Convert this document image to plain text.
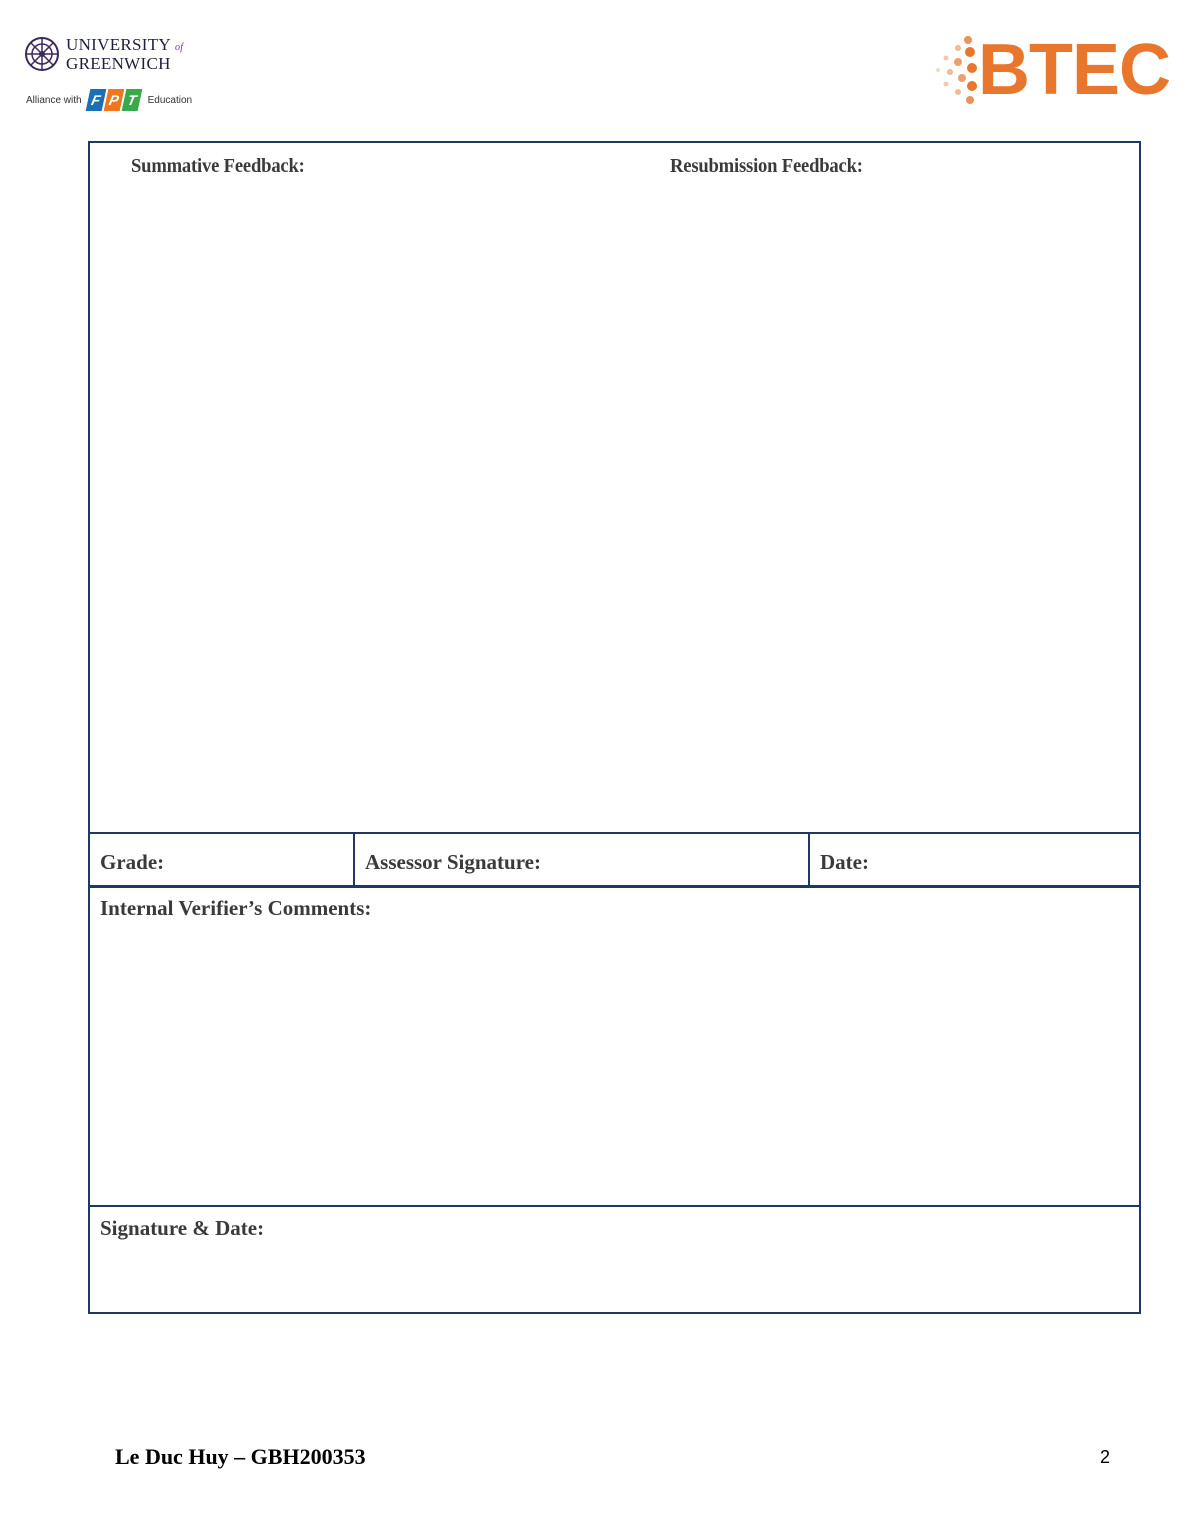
UNIVERSITY of
GREENWICH
Alliance with F P T	Education	BTEC
Summative Feedback:	Resubmission Feedback:
Grade:	Assessor Signature:	Date:
Internal Verifier’s Comments:
Signature & Date:
Le Duc Huy – GBH200353	2
